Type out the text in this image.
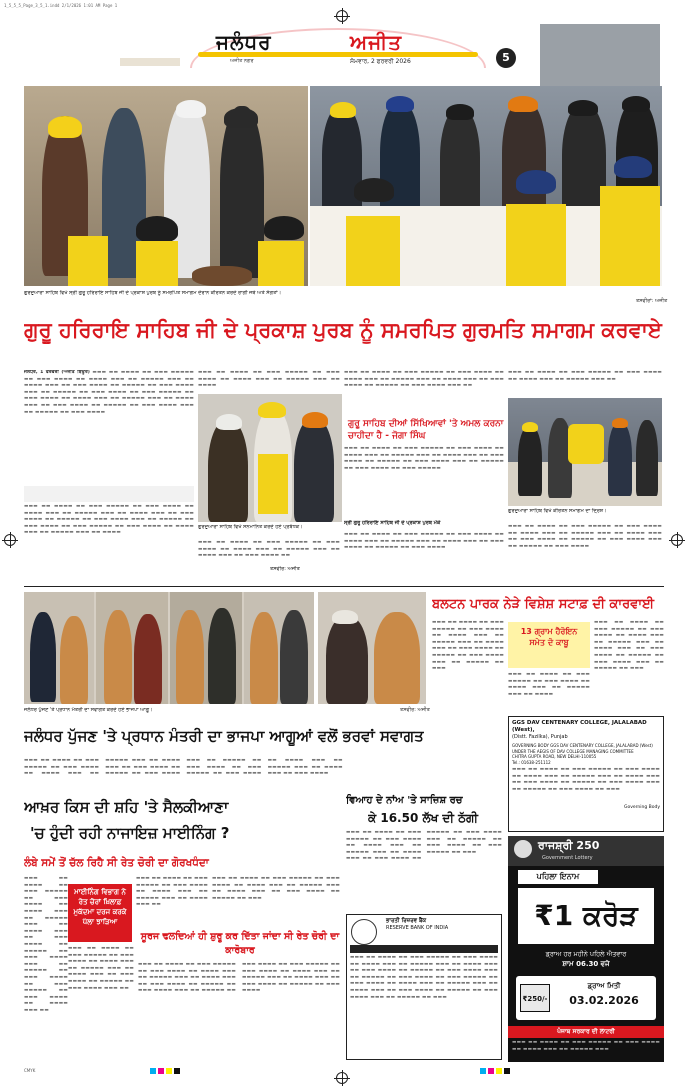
1_5_5_5_Page_3_5_1.indd 2/1/2026 1:01 AM Page 1
ਜਲੰਧਰ	ਅਜੀਤ
ਅਜੀਤ ਨਗਰ	ਸੋਮਵਾਰ, 2 ਫਰਵਰੀ 2026	5
ਗੁਰਦੁਆਰਾ ਸਾਹਿਬ ਵਿਖੇ ਸ੍ਰੀ ਗੁਰੂ ਹਰਿਰਾਇ ਸਾਹਿਬ ਜੀ ਦੇ ਪ੍ਰਕਾਸ਼ ਪੁਰਬ ਨੂੰ ਸਮਰਪਿਤ ਸਮਾਗਮ ਦੌਰਾਨ ਕੀਰਤਨ ਕਰਦੇ ਰਾਗੀ ਜਥੇ ਅਤੇ ਸੰਗਤਾਂ।
ਤਸਵੀਰਾਂ: ਅਜੀਤ
ਗੁਰੂ ਹਰਿਰਾਇ ਸਾਹਿਬ ਜੀ ਦੇ ਪ੍ਰਕਾਸ਼ ਪੁਰਬ ਨੂੰ ਸਮਰਪਿਤ ਗੁਰਮਤਿ ਸਮਾਗਮ ਕਰਵਾਏ
ਜਲੰਧਰ, 1 ਫਰਵਰੀ (ਅਜੀਤ ਬਿਊਰੋ) ▬▬▬ ▬▬ ▬▬▬▬ ▬▬ ▬▬▬ ▬▬▬▬▬ ▬▬ ▬▬▬ ▬▬▬▬ ▬▬ ▬▬▬▬ ▬▬▬ ▬▬ ▬▬▬▬▬ ▬▬▬ ▬▬ ▬▬▬▬ ▬▬▬ ▬▬ ▬▬▬ ▬▬▬▬ ▬▬ ▬▬▬▬▬ ▬▬ ▬▬▬ ▬▬▬▬ ▬▬▬ ▬▬ ▬▬▬▬▬ ▬▬ ▬▬▬ ▬▬▬▬ ▬▬ ▬▬▬ ▬▬▬▬▬ ▬▬ ▬▬▬ ▬▬▬▬ ▬▬ ▬▬▬▬ ▬▬▬ ▬▬ ▬▬▬▬▬ ▬▬▬ ▬▬ ▬▬▬▬ ▬▬▬ ▬▬ ▬▬▬ ▬▬▬▬ ▬▬ ▬▬▬▬▬ ▬▬ ▬▬▬ ▬▬▬▬ ▬▬▬ ▬▬ ▬▬▬▬▬ ▬▬ ▬▬▬ ▬▬▬▬
▬▬▬ ▬▬ ▬▬▬▬ ▬▬ ▬▬▬ ▬▬▬▬▬ ▬▬ ▬▬▬ ▬▬▬▬ ▬▬ ▬▬▬▬ ▬▬▬ ▬▬ ▬▬▬▬▬ ▬▬▬ ▬▬ ▬▬▬▬ ▬▬▬ ▬▬ ▬▬▬ ▬▬▬▬ ▬▬ ▬▬▬▬▬ ▬▬ ▬▬▬ ▬▬▬▬ ▬▬▬ ▬▬ ▬▬▬▬▬ ▬▬ ▬▬▬ ▬▬▬▬ ▬▬ ▬▬▬ ▬▬▬▬▬ ▬▬ ▬▬▬ ▬▬▬▬ ▬▬ ▬▬▬▬ ▬▬▬ ▬▬ ▬▬▬▬▬ ▬▬▬ ▬▬ ▬▬▬▬
▬▬▬ ▬▬ ▬▬▬▬ ▬▬ ▬▬▬ ▬▬▬▬▬ ▬▬ ▬▬▬ ▬▬▬▬ ▬▬ ▬▬▬▬ ▬▬▬ ▬▬ ▬▬▬▬▬ ▬▬▬ ▬▬ ▬▬▬▬
ਗੁਰਦੁਆਰਾ ਸਾਹਿਬ ਵਿਖੇ ਸਨਮਾਨਿਤ ਕਰਦੇ ਹੋਏ ਪ੍ਰਬੰਧਕ।
▬▬▬ ▬▬ ▬▬▬▬ ▬▬ ▬▬▬ ▬▬▬▬▬ ▬▬ ▬▬▬ ▬▬▬▬ ▬▬ ▬▬▬▬ ▬▬▬ ▬▬ ▬▬▬▬▬ ▬▬▬ ▬▬ ▬▬▬▬ ▬▬▬ ▬▬ ▬▬▬ ▬▬▬▬ ▬▬
ਤਸਵੀਰ: ਅਜੀਤ
▬▬▬ ▬▬ ▬▬▬▬ ▬▬ ▬▬▬ ▬▬▬▬▬ ▬▬ ▬▬▬ ▬▬▬▬ ▬▬ ▬▬▬▬ ▬▬▬ ▬▬ ▬▬▬▬▬ ▬▬▬ ▬▬ ▬▬▬▬ ▬▬▬ ▬▬ ▬▬▬ ▬▬▬▬ ▬▬ ▬▬▬▬▬ ▬▬ ▬▬▬ ▬▬▬▬ ▬▬▬ ▬▬
ਗੁਰੂ ਸਾਹਿਬ ਦੀਆਂ ਸਿੱਖਿਆਵਾਂ 'ਤੇ ਅਮਲ ਕਰਨਾ ਚਾਹੀਦਾ ਹੈ - ਜੋਗਾ ਸਿੰਘ
▬▬▬ ▬▬ ▬▬▬▬ ▬▬ ▬▬▬ ▬▬▬▬▬ ▬▬ ▬▬▬ ▬▬▬▬ ▬▬ ▬▬▬▬ ▬▬▬ ▬▬ ▬▬▬▬▬ ▬▬▬ ▬▬ ▬▬▬▬ ▬▬▬ ▬▬ ▬▬▬ ▬▬▬▬ ▬▬ ▬▬▬▬▬ ▬▬ ▬▬▬ ▬▬▬▬ ▬▬▬ ▬▬ ▬▬▬▬▬ ▬▬ ▬▬▬ ▬▬▬▬ ▬▬ ▬▬▬ ▬▬▬▬▬
ਸ੍ਰੀ ਗੁਰੂ ਹਰਿਰਾਇ ਸਾਹਿਬ ਜੀ ਦੇ ਪ੍ਰਕਾਸ਼ ਪੁਰਬ ਮੌਕੇ
▬▬▬ ▬▬ ▬▬▬▬ ▬▬ ▬▬▬ ▬▬▬▬▬ ▬▬ ▬▬▬ ▬▬▬▬ ▬▬ ▬▬▬▬ ▬▬▬ ▬▬ ▬▬▬▬▬ ▬▬▬ ▬▬ ▬▬▬▬ ▬▬▬ ▬▬ ▬▬▬ ▬▬▬▬ ▬▬ ▬▬▬▬▬ ▬▬ ▬▬▬ ▬▬▬▬
▬▬▬ ▬▬ ▬▬▬▬ ▬▬ ▬▬▬ ▬▬▬▬▬ ▬▬ ▬▬▬ ▬▬▬▬ ▬▬ ▬▬▬▬ ▬▬▬ ▬▬ ▬▬▬▬▬ ▬▬▬ ▬▬
ਗੁਰਦੁਆਰਾ ਸਾਹਿਬ ਵਿਖੇ ਕੀਰਤਨ ਸਮਾਗਮ ਦਾ ਦ੍ਰਿਸ਼।
▬▬▬ ▬▬ ▬▬▬▬ ▬▬ ▬▬▬ ▬▬▬▬▬ ▬▬ ▬▬▬ ▬▬▬▬ ▬▬ ▬▬▬▬ ▬▬▬ ▬▬ ▬▬▬▬▬ ▬▬▬ ▬▬ ▬▬▬▬ ▬▬▬ ▬▬ ▬▬▬ ▬▬▬▬ ▬▬ ▬▬▬▬▬ ▬▬ ▬▬▬ ▬▬▬▬ ▬▬▬ ▬▬ ▬▬▬▬▬ ▬▬ ▬▬▬ ▬▬▬▬
ਜਲੰਧਰ ਪੁੱਜਣ 'ਤੇ ਪ੍ਰਧਾਨ ਮੰਤਰੀ ਦਾ ਸਵਾਗਤ ਕਰਦੇ ਹੋਏ ਭਾਜਪਾ ਆਗੂ।	ਤਸਵੀਰ: ਅਜੀਤ
ਜਲੰਧਰ ਪੁੱਜਣ 'ਤੇ ਪ੍ਰਧਾਨ ਮੰਤਰੀ ਦਾ ਭਾਜਪਾ ਆਗੂਆਂ ਵਲੋਂ ਭਰਵਾਂ ਸਵਾਗਤ
▬▬▬ ▬▬ ▬▬▬▬ ▬▬ ▬▬▬ ▬▬▬▬▬ ▬▬ ▬▬▬ ▬▬▬▬ ▬▬ ▬▬▬▬ ▬▬▬ ▬▬ ▬▬▬▬▬ ▬▬▬ ▬▬ ▬▬▬▬ ▬▬▬ ▬▬ ▬▬▬ ▬▬▬▬ ▬▬ ▬▬▬▬▬ ▬▬ ▬▬▬ ▬▬▬▬ ▬▬▬ ▬▬ ▬▬▬▬▬ ▬▬ ▬▬▬ ▬▬▬▬ ▬▬ ▬▬▬ ▬▬▬▬▬ ▬▬ ▬▬▬ ▬▬▬▬ ▬▬ ▬▬▬▬ ▬▬▬ ▬▬ ▬▬▬▬▬ ▬▬▬ ▬▬ ▬▬▬▬ ▬▬▬ ▬▬ ▬▬▬ ▬▬▬▬
ਬਲਟਨ ਪਾਰਕ ਨੇੜੇ ਵਿਸ਼ੇਸ਼ ਸਟਾਫ਼ ਦੀ ਕਾਰਵਾਈ
▬▬▬ ▬▬ ▬▬▬▬ ▬▬ ▬▬▬ ▬▬▬▬▬ ▬▬ ▬▬▬ ▬▬▬▬ ▬▬ ▬▬▬▬ ▬▬▬ ▬▬ ▬▬▬▬▬ ▬▬▬ ▬▬ ▬▬▬▬ ▬▬▬ ▬▬ ▬▬▬ ▬▬▬▬ ▬▬ ▬▬▬▬▬ ▬▬ ▬▬▬ ▬▬▬▬ ▬▬▬ ▬▬ ▬▬▬▬▬ ▬▬ ▬▬▬
13 ਗ੍ਰਾਮ ਹੈਰੋਇਨ ਸਮੇਤ ਦੋ ਕਾਬੂ
▬▬▬ ▬▬ ▬▬▬▬ ▬▬ ▬▬▬ ▬▬▬▬▬ ▬▬ ▬▬▬ ▬▬▬▬ ▬▬ ▬▬▬▬ ▬▬▬ ▬▬ ▬▬▬▬▬ ▬▬▬ ▬▬ ▬▬▬▬
▬▬▬ ▬▬ ▬▬▬▬ ▬▬ ▬▬▬ ▬▬▬▬▬ ▬▬ ▬▬▬ ▬▬▬▬ ▬▬ ▬▬▬▬ ▬▬▬ ▬▬ ▬▬▬▬▬ ▬▬▬ ▬▬ ▬▬▬▬ ▬▬▬ ▬▬ ▬▬▬ ▬▬▬▬ ▬▬ ▬▬▬▬▬ ▬▬ ▬▬▬ ▬▬▬▬ ▬▬▬ ▬▬ ▬▬▬▬▬ ▬▬ ▬▬▬
GGS DAV CENTENARY COLLEGE, JALALABAD (West),
(Distt. Fazilka), Punjab
GOVERNING BODY GGS DAV CENTENARY COLLEGE, JALALABAD (West)
UNDER THE AEGIS OF DAV COLLEGE MANAGING COMMITTEE
CHITRA GUPTA ROAD, NEW DELHI-110055
Tel.: 01638-251112
▬▬▬ ▬▬ ▬▬▬▬ ▬▬ ▬▬▬ ▬▬▬▬▬ ▬▬ ▬▬▬ ▬▬▬▬ ▬▬ ▬▬▬▬ ▬▬▬ ▬▬ ▬▬▬▬▬ ▬▬▬ ▬▬ ▬▬▬▬ ▬▬▬ ▬▬ ▬▬▬ ▬▬▬▬ ▬▬ ▬▬▬▬▬ ▬▬ ▬▬▬ ▬▬▬▬ ▬▬▬ ▬▬ ▬▬▬▬▬ ▬▬ ▬▬▬ ▬▬▬▬ ▬▬ ▬▬▬
Governing Body
ਆਖ਼ਰ ਕਿਸ ਦੀ ਸ਼ਹਿ 'ਤੇ ਸੈਲਕੀਆਣਾ
'ਚ ਹੁੰਦੀ ਰਹੀ ਨਾਜਾਇਜ਼ ਮਾਈਨਿੰਗ ?
ਲੰਬੇ ਸਮੇਂ ਤੋਂ ਚੱਲ ਰਿਹੈ ਸੀ ਰੇਤ ਚੋਰੀ ਦਾ ਗੋਰਖਧੰਦਾ
▬▬▬ ▬▬ ▬▬▬▬ ▬▬ ▬▬▬ ▬▬▬▬▬ ▬▬ ▬▬▬ ▬▬▬▬ ▬▬ ▬▬▬▬ ▬▬▬ ▬▬ ▬▬▬▬▬ ▬▬▬ ▬▬ ▬▬▬▬ ▬▬▬ ▬▬ ▬▬▬ ▬▬▬▬ ▬▬ ▬▬▬▬▬ ▬▬ ▬▬▬ ▬▬▬▬ ▬▬▬ ▬▬ ▬▬▬▬▬ ▬▬ ▬▬▬ ▬▬▬▬ ▬▬ ▬▬▬ ▬▬▬▬▬ ▬▬ ▬▬▬ ▬▬▬▬ ▬▬ ▬▬▬▬ ▬▬▬ ▬▬
ਮਾਈਨਿੰਗ ਵਿਭਾਗ ਨੇ ਰੇਤ ਚੋਰਾਂ ਖ਼ਿਲਾਫ਼ ਮੁਕੱਦਮਾ ਦਰਜ ਕਰਕੇ ਪੱਲਾ ਝਾੜਿਆ
▬▬▬ ▬▬ ▬▬▬▬ ▬▬ ▬▬▬ ▬▬▬▬▬ ▬▬ ▬▬▬ ▬▬▬▬ ▬▬ ▬▬▬▬ ▬▬▬ ▬▬ ▬▬▬▬▬ ▬▬▬ ▬▬ ▬▬▬▬ ▬▬▬ ▬▬
▬▬▬ ▬▬ ▬▬▬▬ ▬▬ ▬▬▬ ▬▬▬▬▬ ▬▬ ▬▬▬ ▬▬▬▬ ▬▬ ▬▬▬▬ ▬▬▬ ▬▬ ▬▬▬▬▬ ▬▬▬ ▬▬ ▬▬▬▬ ▬▬▬ ▬▬ ▬▬▬ ▬▬▬▬ ▬▬ ▬▬▬▬▬ ▬▬ ▬▬▬
ਸੂਰਜ ਢਲਦਿਆਂ ਹੀ ਸ਼ੁਰੂ ਕਰ ਦਿੱਤਾ ਜਾਂਦਾ ਸੀ ਰੇਤ ਚੋਰੀ ਦਾ ਕਾਰੋਬਾਰ
▬▬▬ ▬▬ ▬▬▬▬ ▬▬ ▬▬▬ ▬▬▬▬▬ ▬▬ ▬▬▬ ▬▬▬▬ ▬▬ ▬▬▬▬ ▬▬▬ ▬▬ ▬▬▬▬▬ ▬▬▬ ▬▬ ▬▬▬▬ ▬▬▬ ▬▬ ▬▬▬ ▬▬▬▬ ▬▬ ▬▬▬▬▬ ▬▬ ▬▬▬ ▬▬▬▬ ▬▬▬ ▬▬
▬▬▬ ▬▬ ▬▬▬▬ ▬▬ ▬▬▬ ▬▬▬▬▬ ▬▬ ▬▬▬ ▬▬▬▬ ▬▬ ▬▬▬▬ ▬▬▬ ▬▬ ▬▬▬▬▬ ▬▬▬ ▬▬ ▬▬▬▬ ▬▬▬ ▬▬ ▬▬▬ ▬▬▬▬ ▬▬ ▬▬▬▬▬ ▬▬ ▬▬▬ ▬▬▬▬ ▬▬▬ ▬▬ ▬▬▬▬▬ ▬▬ ▬▬▬ ▬▬▬▬ ▬▬ ▬▬▬ ▬▬▬▬▬ ▬▬ ▬▬▬ ▬▬▬▬ ▬▬ ▬▬▬▬ ▬▬▬ ▬▬ ▬▬▬▬▬ ▬▬▬ ▬▬ ▬▬▬▬ ▬▬▬ ▬▬ ▬▬▬ ▬▬▬▬ ▬▬ ▬▬▬▬▬ ▬▬ ▬▬▬ ▬▬▬▬
ਵਿਆਹ ਦੇ ਨਾਂਅ 'ਤੇ ਸਾਜ਼ਿਸ਼ ਰਚ
ਕੇ 16.50 ਲੱਖ ਦੀ ਠੱਗੀ
▬▬▬ ▬▬ ▬▬▬▬ ▬▬ ▬▬▬ ▬▬▬▬▬ ▬▬ ▬▬▬ ▬▬▬▬ ▬▬ ▬▬▬▬ ▬▬▬ ▬▬ ▬▬▬▬▬ ▬▬▬ ▬▬ ▬▬▬▬ ▬▬▬ ▬▬ ▬▬▬ ▬▬▬▬ ▬▬ ▬▬▬▬▬ ▬▬ ▬▬▬ ▬▬▬▬ ▬▬▬ ▬▬ ▬▬▬▬▬ ▬▬ ▬▬▬ ▬▬▬▬ ▬▬ ▬▬▬ ▬▬▬▬▬ ▬▬ ▬▬▬
ਭਾਰਤੀ ਰਿਜ਼ਰਵ ਬੈਂਕ
RESERVE BANK OF INDIA
▬▬▬ ▬▬ ▬▬▬▬ ▬▬ ▬▬▬ ▬▬▬▬▬ ▬▬ ▬▬▬ ▬▬▬▬ ▬▬ ▬▬▬▬ ▬▬▬ ▬▬ ▬▬▬▬▬ ▬▬▬ ▬▬ ▬▬▬▬ ▬▬▬ ▬▬ ▬▬▬ ▬▬▬▬ ▬▬ ▬▬▬▬▬ ▬▬ ▬▬▬ ▬▬▬▬ ▬▬▬ ▬▬ ▬▬▬▬▬ ▬▬ ▬▬▬ ▬▬▬▬ ▬▬ ▬▬▬ ▬▬▬▬▬ ▬▬ ▬▬▬ ▬▬▬▬ ▬▬ ▬▬▬▬ ▬▬▬ ▬▬ ▬▬▬▬▬ ▬▬▬ ▬▬ ▬▬▬▬ ▬▬▬ ▬▬ ▬▬▬ ▬▬▬▬ ▬▬ ▬▬▬▬▬ ▬▬ ▬▬▬ ▬▬▬▬ ▬▬▬ ▬▬ ▬▬▬▬▬ ▬▬ ▬▬▬
ਰਾਜਸ਼੍ਰੀ 250
Government Lottery
ਪਹਿਲਾ ਇਨਾਮ
₹1 ਕਰੋੜ
ਡ੍ਰਾਅ ਹਰ ਮਹੀਨੇ ਪਹਿਲੇ ਐਤਵਾਰ
ਸ਼ਾਮ 06.30 ਵਜੇ
₹250/-
ਡ੍ਰਾਅ ਮਿਤੀ
03.02.2026
ਪੰਜਾਬ ਸਰਕਾਰ ਦੀ ਲਾਟਰੀ
▬▬▬ ▬▬ ▬▬▬▬ ▬▬ ▬▬▬ ▬▬▬▬▬ ▬▬ ▬▬▬ ▬▬▬▬ ▬▬ ▬▬▬▬ ▬▬▬ ▬▬ ▬▬▬▬▬ ▬▬▬
CMYK
